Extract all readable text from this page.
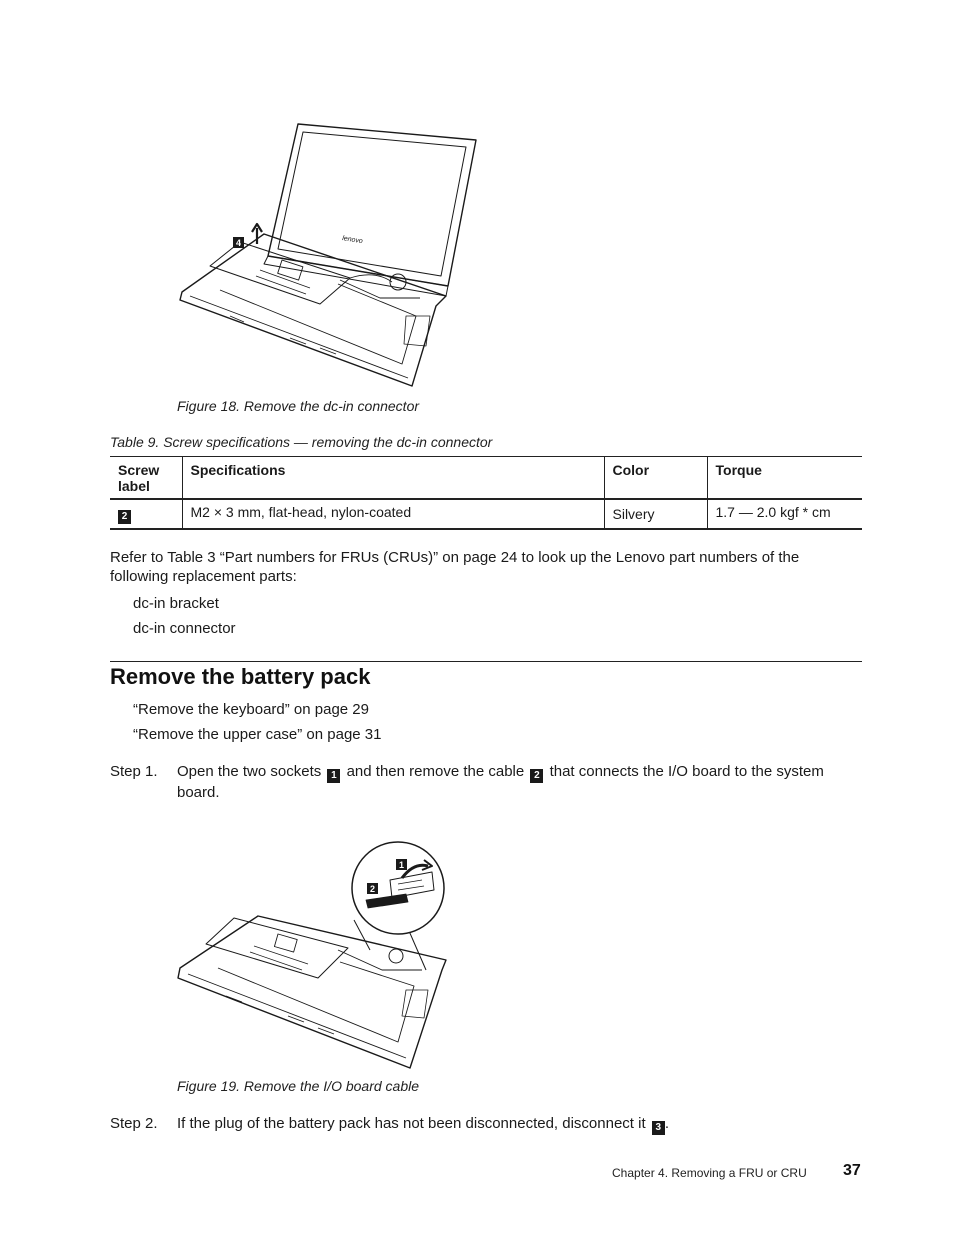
lenovo
4
Figure 18. Remove the dc-in connector
Table 9. Screw specifications — removing the dc-in connector
Screw label	Specifications	Color	Torque
2	M2 × 3 mm, flat-head, nylon-coated	Silvery	1.7 — 2.0 kgf * cm
Refer to Table 3 “Part numbers for FRUs (CRUs)” on page 24 to look up the Lenovo part numbers of the following replacement parts:
dc-in bracket
dc-in connector
Remove the battery pack
“Remove the keyboard” on page 29
“Remove the upper case” on page 31
Step 1. Open the two sockets 1 and then remove the cable 2 that connects the I/O board to the system board.
1
2
Figure 19. Remove the I/O board cable
Step 2. If the plug of the battery pack has not been disconnected, disconnect it 3 .
Chapter 4. Removing a FRU or CRU 37
